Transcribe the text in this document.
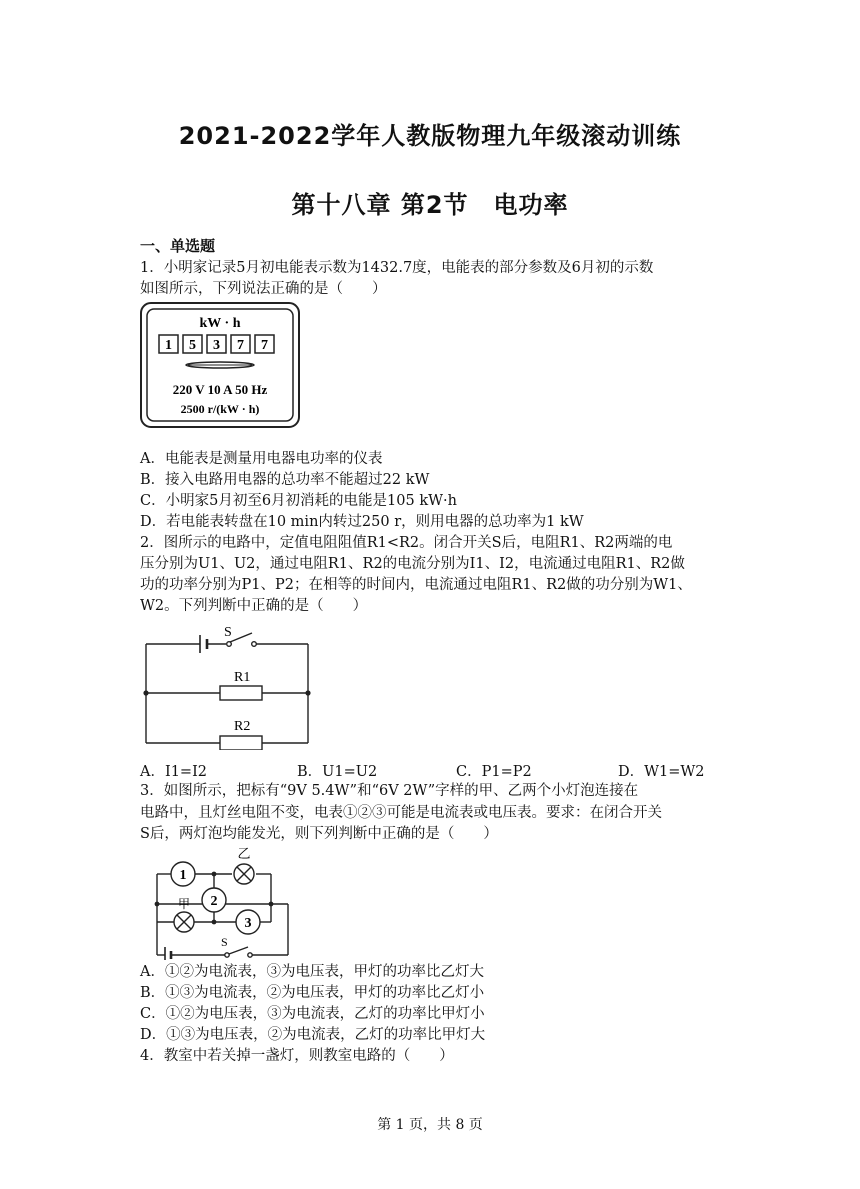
2021-2022学年人教版物理九年级滚动训练
第十八章 第2节　电功率
一、单选题
1．小明家记录5月初电能表示数为1432.7度，电能表的部分参数及6月初的示数
如图所示，下列说法正确的是（　　）
kW · h
1 5 3 7 7
220 V 10 A 50 Hz
2500 r/(kW · h)
A．电能表是测量用电器电功率的仪表
B．接入电路用电器的总功率不能超过22 kW
C．小明家5月初至6月初消耗的电能是105 kW·h
D．若电能表转盘在10 min内转过250 r，则用电器的总功率为1 kW
2．图所示的电路中，定值电阻阻值R1<R2。闭合开关S后，电阻R1、R2两端的电
压分别为U1、U2，通过电阻R1、R2的电流分别为I1、I2，电流通过电阻R1、R2做
功的功率分别为P1、P2；在相等的时间内，电流通过电阻R1、R2做的功分别为W1、
W2。下列判断中正确的是（　　）
S
R1
R2
A．I1=I2	B．U1=U2	C．P1=P2	D．W1=W2
3．如图所示，把标有“9V 5.4W”和“6V 2W”字样的甲、乙两个小灯泡连接在
电路中，且灯丝电阻不变，电表①②③可能是电流表或电压表。要求：在闭合开关
S后，两灯泡均能发光，则下列判断中正确的是（　　）
1
2
3
乙
甲
S
A．①②为电流表，③为电压表，甲灯的功率比乙灯大
B．①③为电流表，②为电压表，甲灯的功率比乙灯小
C．①②为电压表，③为电流表，乙灯的功率比甲灯小
D．①③为电压表，②为电流表，乙灯的功率比甲灯大
4．教室中若关掉一盏灯，则教室电路的（　　）
第 1 页，共 8 页
